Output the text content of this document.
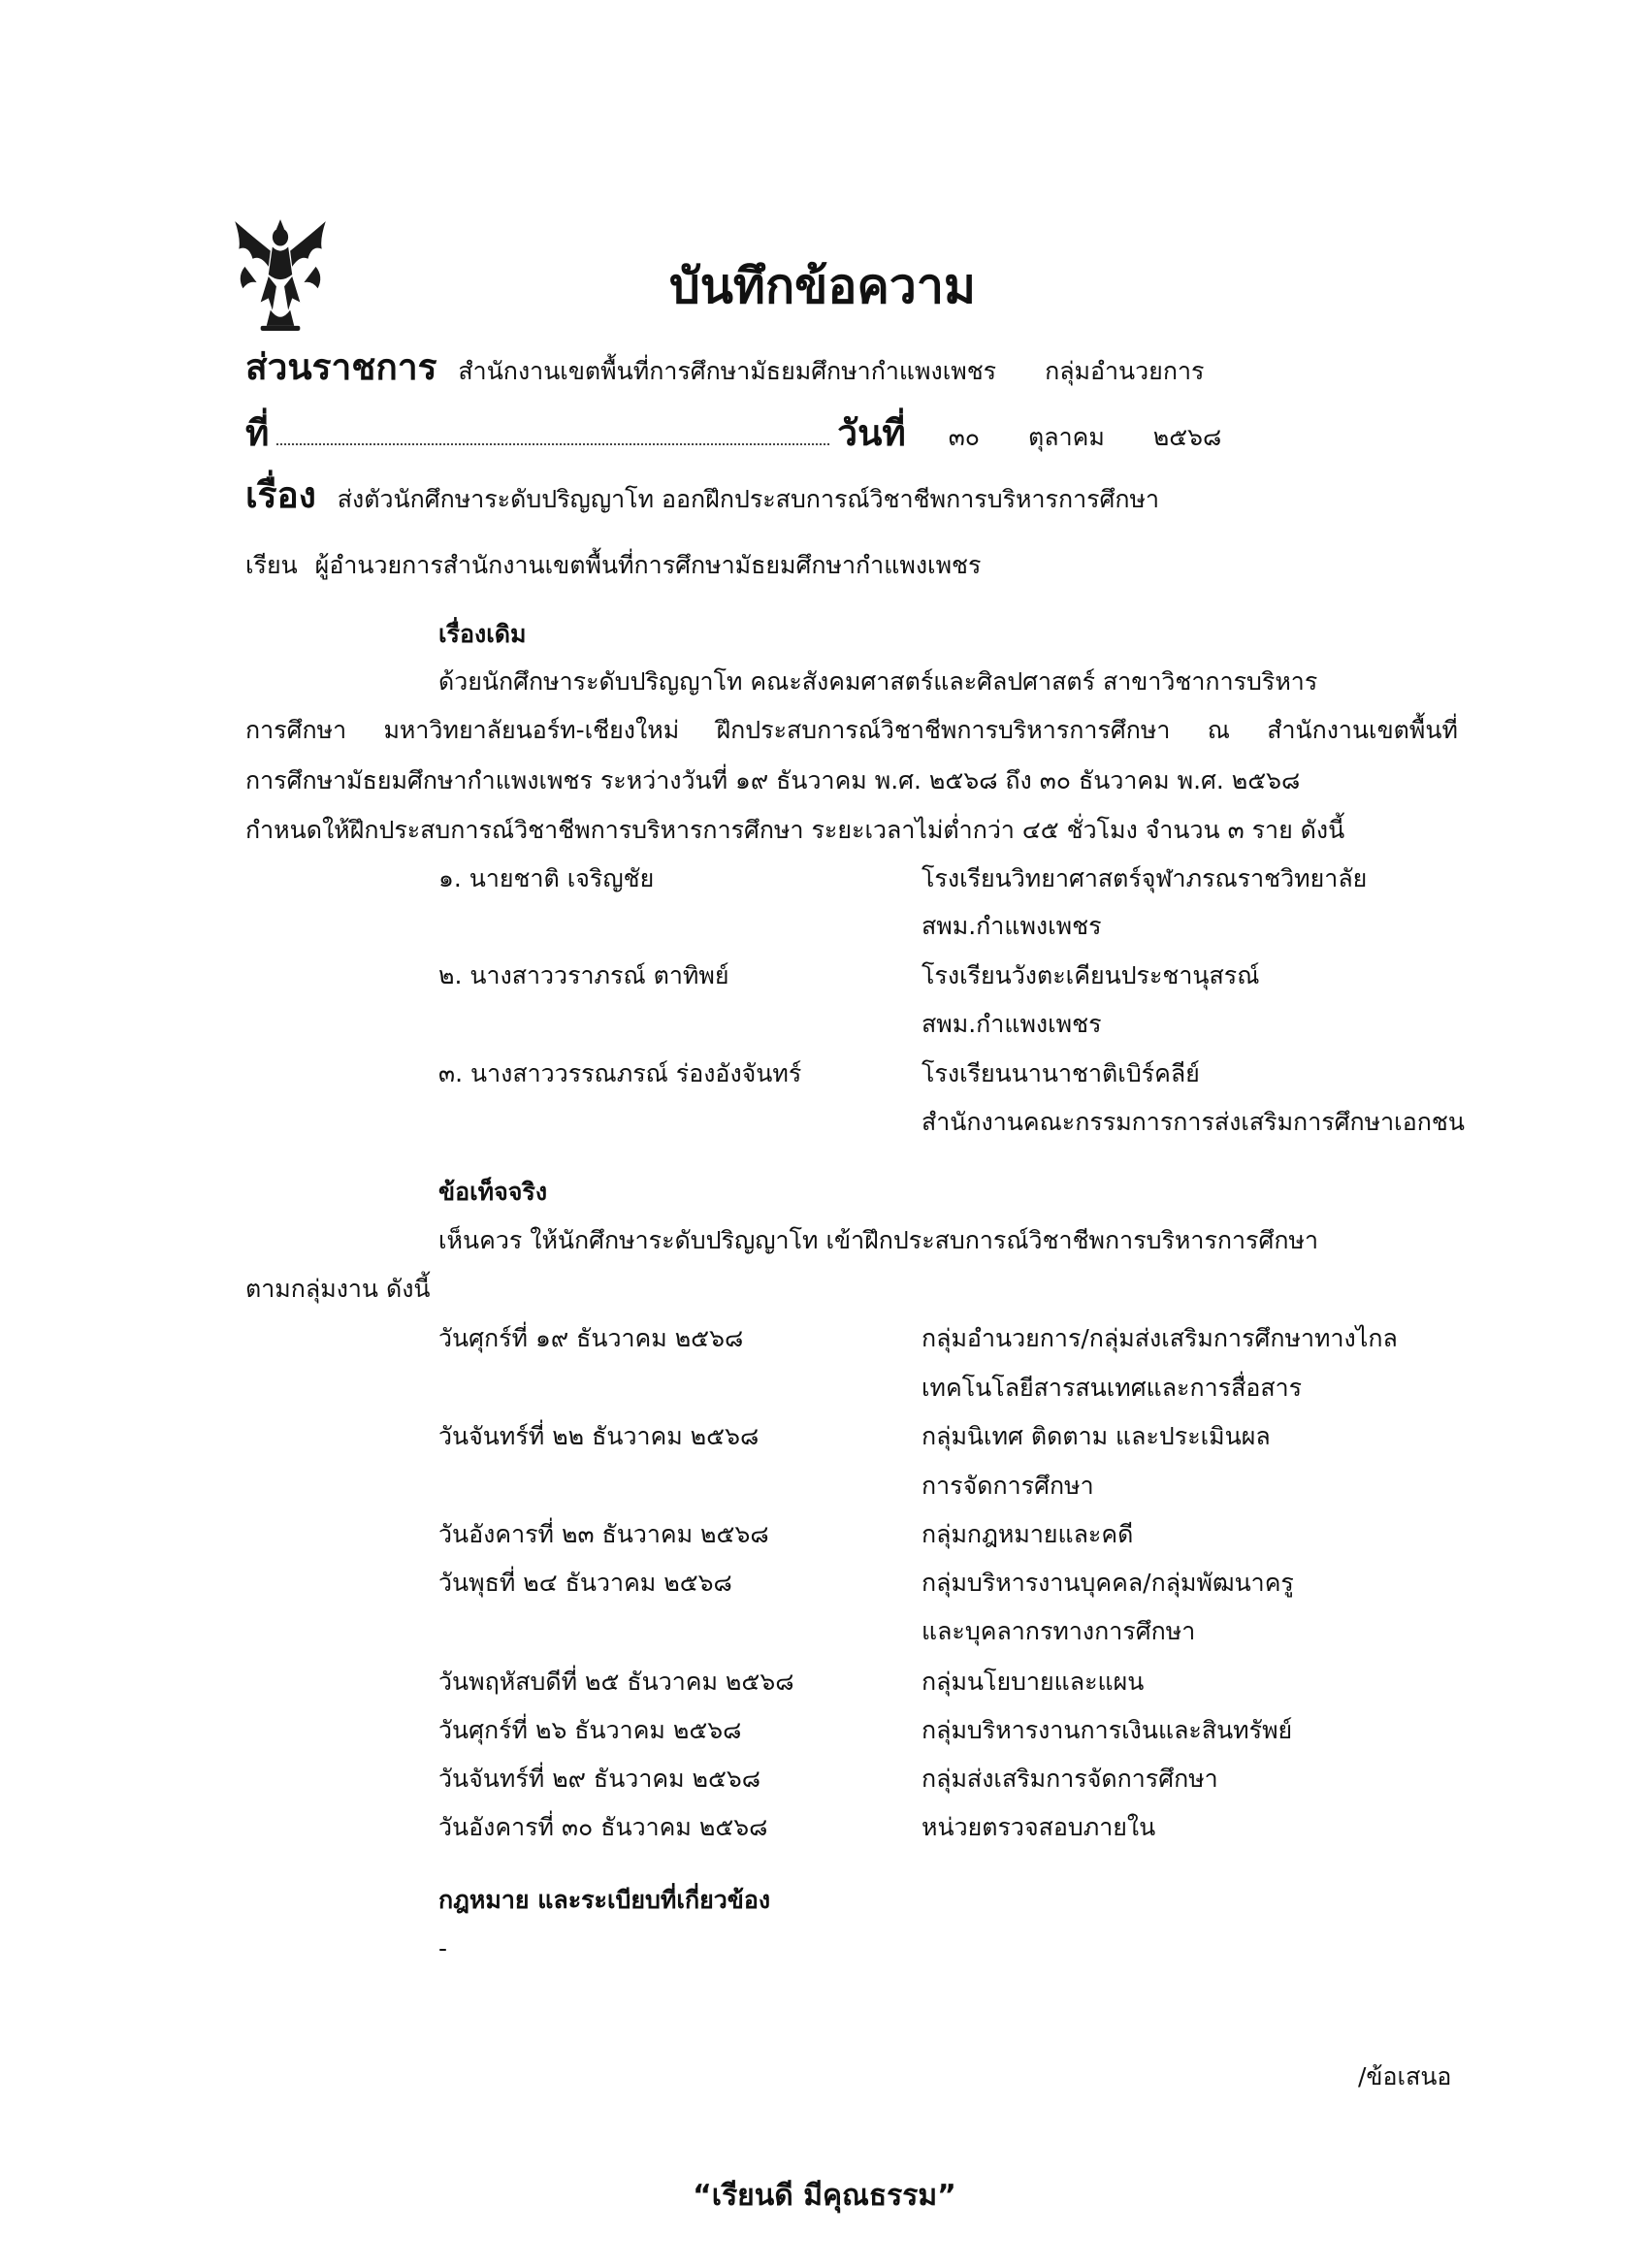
บันทึกข้อความ
ส่วนราชการ สำนักงานเขตพื้นที่การศึกษามัธยมศึกษากำแพงเพชร กลุ่มอำนวยการ
ที่	วันที่ ๓๐ ตุลาคม ๒๕๖๘
เรื่อง ส่งตัวนักศึกษาระดับปริญญาโท ออกฝึกประสบการณ์วิชาชีพการบริหารการศึกษา
เรียน ผู้อำนวยการสำนักงานเขตพื้นที่การศึกษามัธยมศึกษากำแพงเพชร
เรื่องเดิม
ด้วยนักศึกษาระดับปริญญาโท คณะสังคมศาสตร์และศิลปศาสตร์ สาขาวิชาการบริหาร
การศึกษา มหาวิทยาลัยนอร์ท-เชียงใหม่ ฝึกประสบการณ์วิชาชีพการบริหารการศึกษา ณ สำนักงานเขตพื้นที่
การศึกษามัธยมศึกษากำแพงเพชร ระหว่างวันที่ ๑๙ ธันวาคม พ.ศ. ๒๕๖๘ ถึง ๓๐ ธันวาคม พ.ศ. ๒๕๖๘
กำหนดให้ฝึกประสบการณ์วิชาชีพการบริหารการศึกษา ระยะเวลาไม่ต่ำกว่า ๔๕ ชั่วโมง จำนวน ๓ ราย ดังนี้
๑. นายชาติ เจริญชัย	โรงเรียนวิทยาศาสตร์จุฬาภรณราชวิทยาลัย
สพม.กำแพงเพชร
๒. นางสาววราภรณ์ ตาทิพย์	โรงเรียนวังตะเคียนประชานุสรณ์
สพม.กำแพงเพชร
๓. นางสาววรรณภรณ์ ร่องอังจันทร์	โรงเรียนนานาชาติเบิร์คลีย์
สำนักงานคณะกรรมการการส่งเสริมการศึกษาเอกชน
ข้อเท็จจริง
เห็นควร ให้นักศึกษาระดับปริญญาโท เข้าฝึกประสบการณ์วิชาชีพการบริหารการศึกษา
ตามกลุ่มงาน ดังนี้
วันศุกร์ที่ ๑๙ ธันวาคม ๒๕๖๘	กลุ่มอำนวยการ/กลุ่มส่งเสริมการศึกษาทางไกล
เทคโนโลยีสารสนเทศและการสื่อสาร
วันจันทร์ที่ ๒๒ ธันวาคม ๒๕๖๘	กลุ่มนิเทศ ติดตาม และประเมินผล
การจัดการศึกษา
วันอังคารที่ ๒๓ ธันวาคม ๒๕๖๘	กลุ่มกฎหมายและคดี
วันพุธที่ ๒๔ ธันวาคม ๒๕๖๘	กลุ่มบริหารงานบุคคล/กลุ่มพัฒนาครู
และบุคลากรทางการศึกษา
วันพฤหัสบดีที่ ๒๕ ธันวาคม ๒๕๖๘	กลุ่มนโยบายและแผน
วันศุกร์ที่ ๒๖ ธันวาคม ๒๕๖๘	กลุ่มบริหารงานการเงินและสินทรัพย์
วันจันทร์ที่ ๒๙ ธันวาคม ๒๕๖๘	กลุ่มส่งเสริมการจัดการศึกษา
วันอังคารที่ ๓๐ ธันวาคม ๒๕๖๘	หน่วยตรวจสอบภายใน
กฎหมาย และระเบียบที่เกี่ยวข้อง
-
/ข้อเสนอ
“เรียนดี มีคุณธรรม”
